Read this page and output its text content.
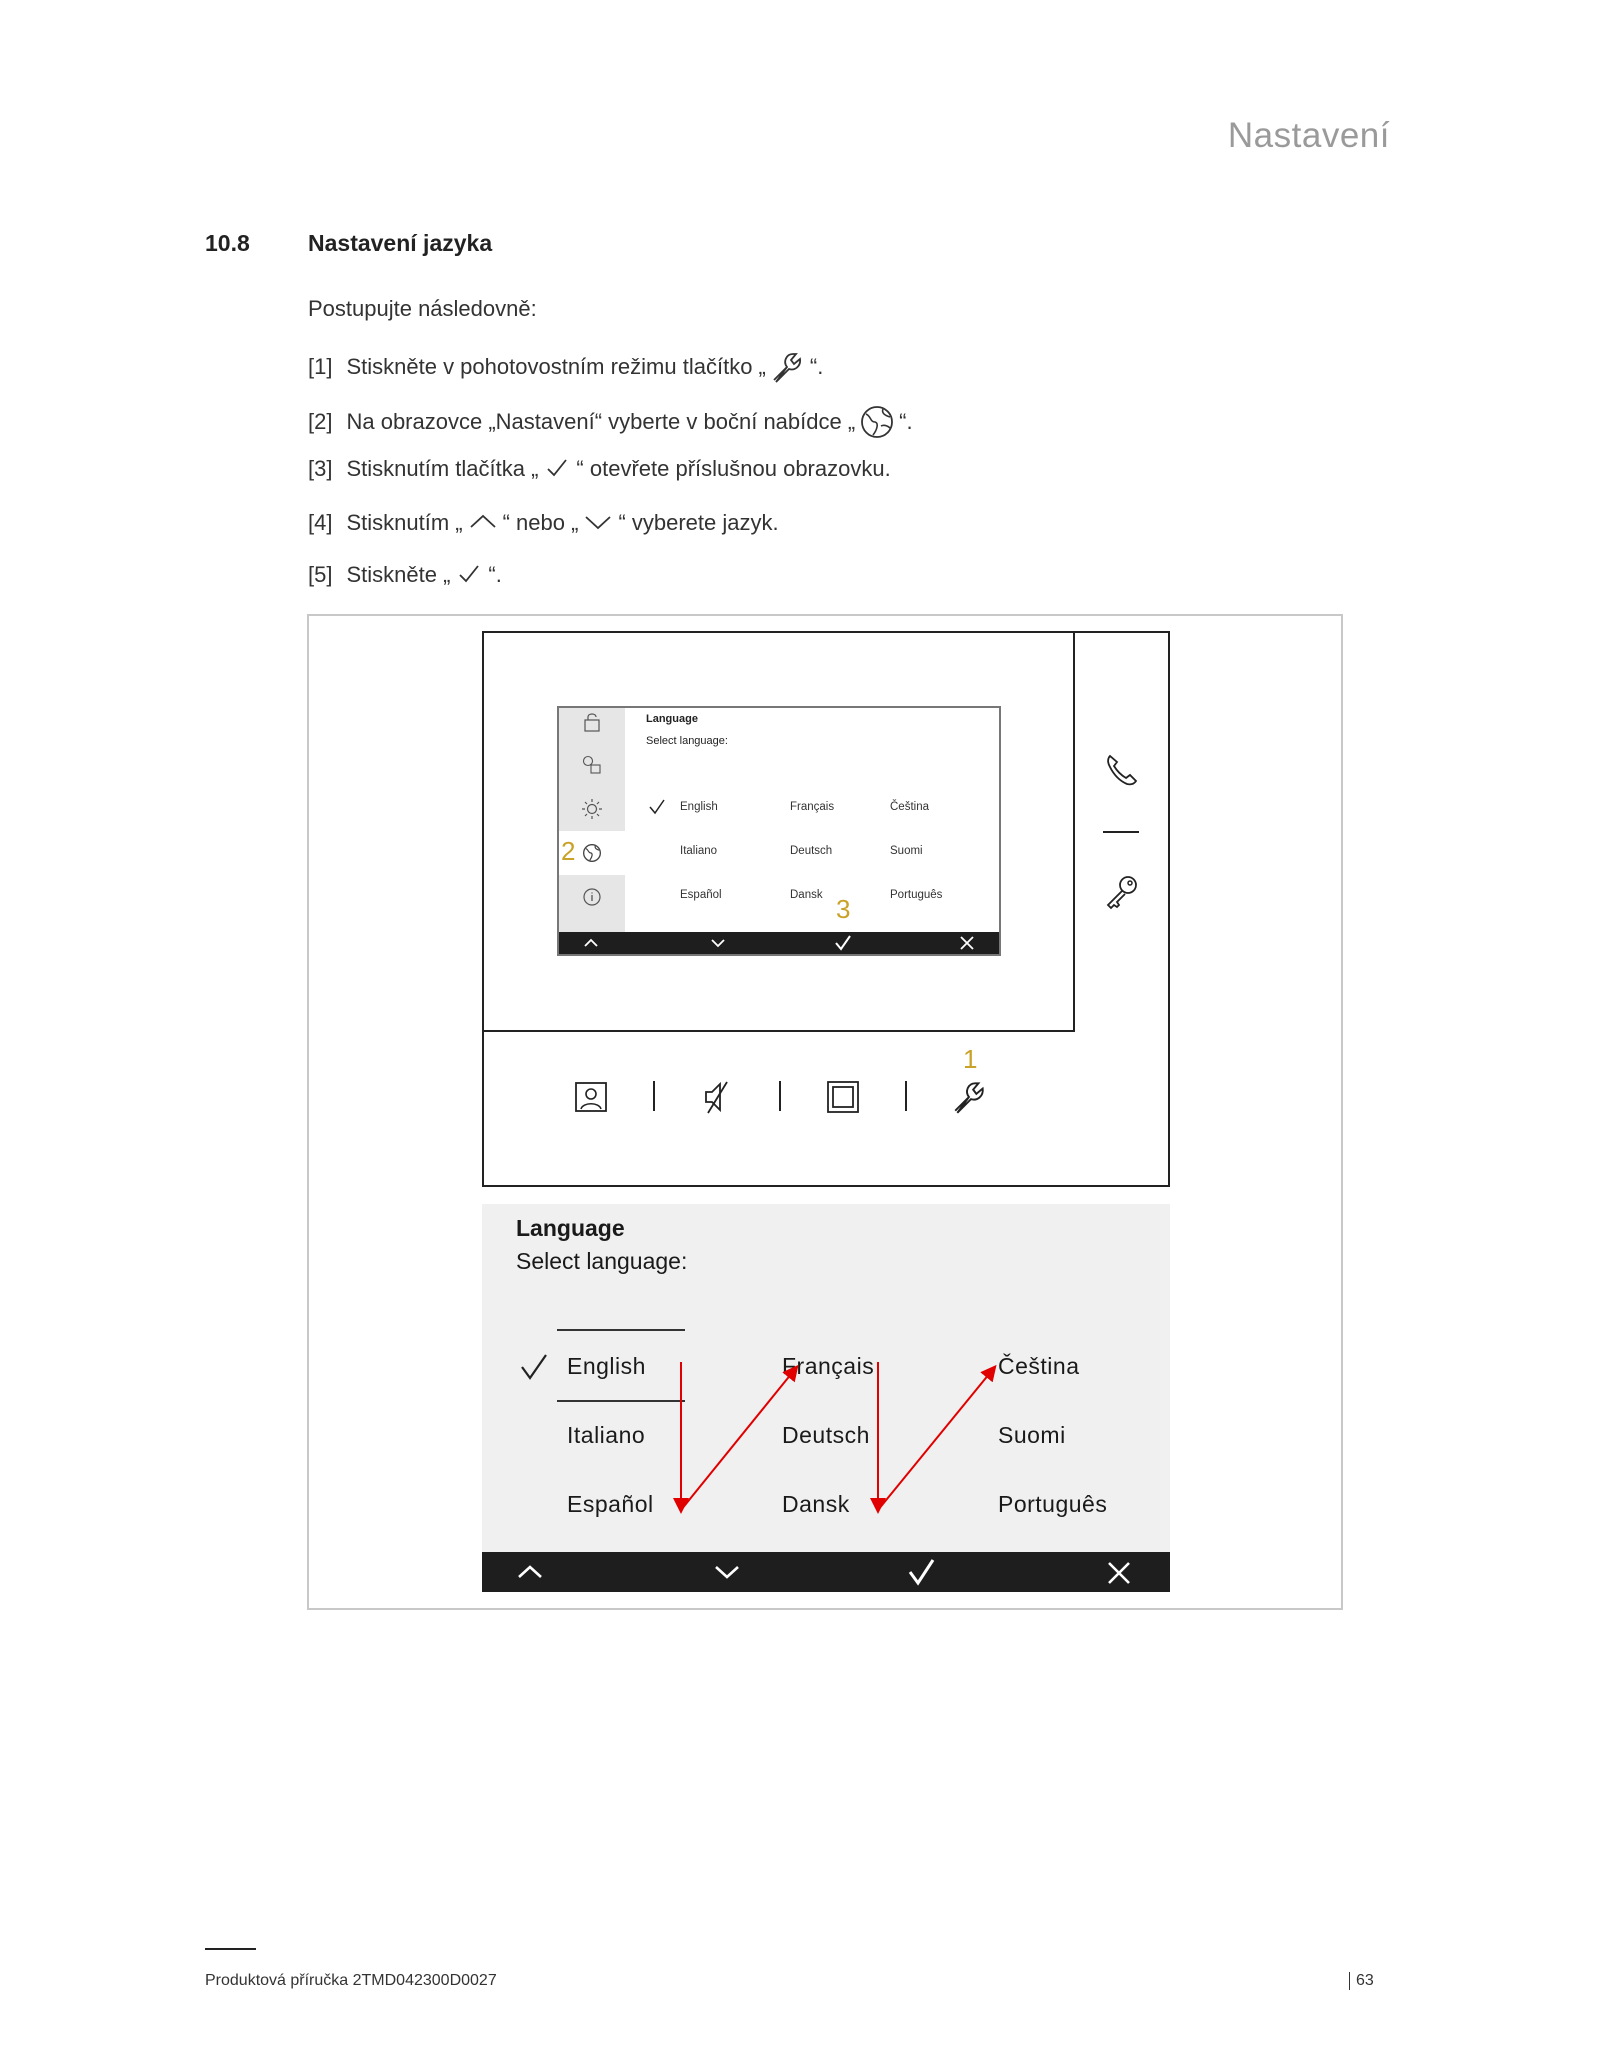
Nastavení
10.8	Nastavení jazyka
Postupujte následovně:
[1] Stiskněte v pohotovostním režimu tlačítko „ “.
[2] Na obrazovce „Nastavení“ vyberte v boční nabídce „ “.
[3] Stisknutím tlačítka „ “ otevřete příslušnou obrazovku.
[4] Stisknutím „ “ nebo „ “ vyberete jazyk.
[5] Stiskněte „ “.
1
2
Language
Select language:
English	Français	Čeština
Italiano	Deutsch	Suomi
Español	Dansk	Português
3
Language
Select language:
English	Français	Čeština
Italiano	Deutsch	Suomi
Español	Dansk	Português
Produktová příručka 2TMD042300D0027	63
